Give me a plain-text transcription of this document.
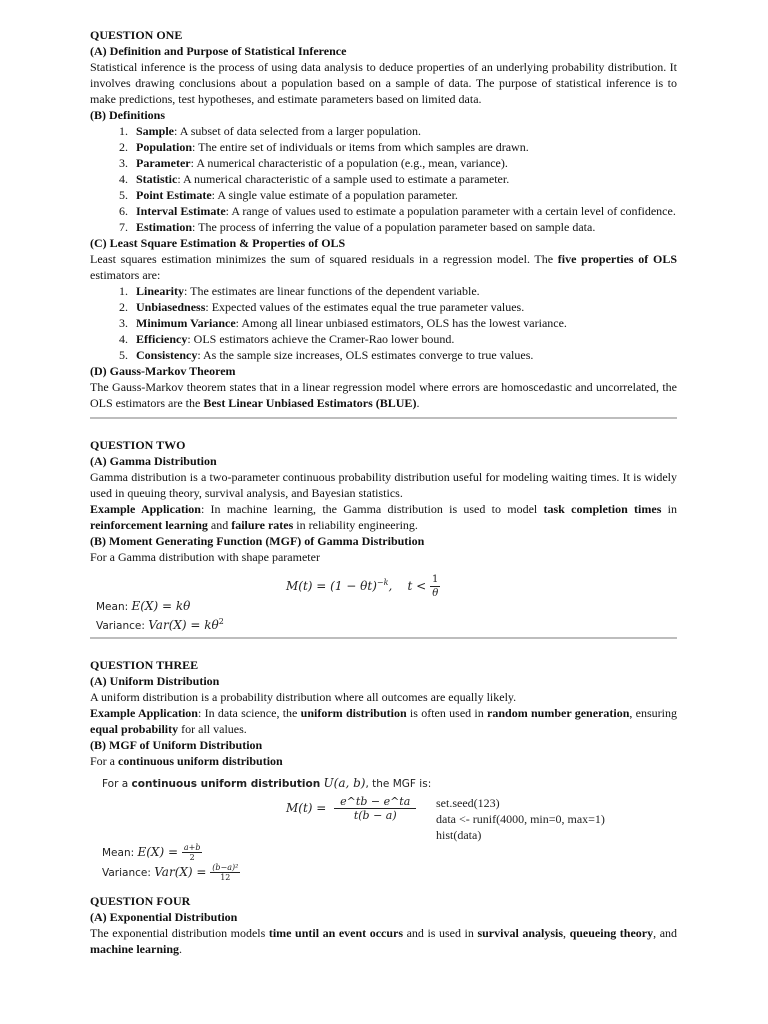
QUESTION ONE
(A) Definition and Purpose of Statistical Inference

Statistical inference is the process of using data analysis to deduce properties of an underlying probability distribution. It involves drawing conclusions about a population based on a sample of data. The purpose of statistical inference is to make predictions, test hypotheses, and estimate parameters based on limited data.

(B) Definitions
1. Sample: A subset of data selected from a larger population.
2. Population: The entire set of individuals or items from which samples are drawn.
3. Parameter: A numerical characteristic of a population (e.g., mean, variance).
4. Statistic: A numerical characteristic of a sample used to estimate a parameter.
5. Point Estimate: A single value estimate of a population parameter.
6. Interval Estimate: A range of values used to estimate a population parameter with a certain level of confidence.
7. Estimation: The process of inferring the value of a population parameter based on sample data.
(C) Least Square Estimation & Properties of OLS

Least squares estimation minimizes the sum of squared residuals in a regression model. The five properties of OLS estimators are:

1. Linearity: The estimates are linear functions of the dependent variable.
2. Unbiasedness: Expected values of the estimates equal the true parameter values.
3. Minimum Variance: Among all linear unbiased estimators, OLS has the lowest variance.
4. Efficiency: OLS estimators achieve the Cramer-Rao lower bound.
5. Consistency: As the sample size increases, OLS estimates converge to true values.
(D) Gauss-Markov Theorem

The Gauss-Markov theorem states that in a linear regression model where errors are homoscedastic and uncorrelated, the OLS estimators are the Best Linear Unbiased Estimators (BLUE).

QUESTION TWO
(A) Gamma Distribution

Gamma distribution is a two-parameter continuous probability distribution useful for modeling waiting times. It is widely used in queuing theory, survival analysis, and Bayesian statistics.

Example Application: In machine learning, the Gamma distribution is used to model task completion times in reinforcement learning and failure rates in reliability engineering.

(B) Moment Generating Function (MGF) of Gamma Distribution

For a Gamma distribution with shape parameter

$M(t) = (1 - \theta t)^{-k}$,    $t < \frac{1}{\theta}$
Mean: E(X) = kθ
Variance: $Var(X) = k\theta^2$
QUESTION THREE
(A) Uniform Distribution

A uniform distribution is a probability distribution where all outcomes are equally likely.

Example Application: In data science, the uniform distribution is often used in random number generation, ensuring equal probability for all values.

(B) MGF of Uniform Distribution

For a continuous uniform distribution

For a continuous uniform distribution U(a, b), the MGF is:
$M(t) = \frac{e\^{}tb - e\^{}ta}{t(b - a)}$
Mean: $E(X) = \frac{a+b}{2}$
Variance: $Var(X) = \frac{\text{(b−a)²}}{12}$
set.seed(123)
data <- runif(4000, min=0, max=1)
hist(data)
QUESTION FOUR
(A) Exponential Distribution

The exponential distribution models time until an event occurs and is used in survival analysis, queueing theory, and machine learning.
